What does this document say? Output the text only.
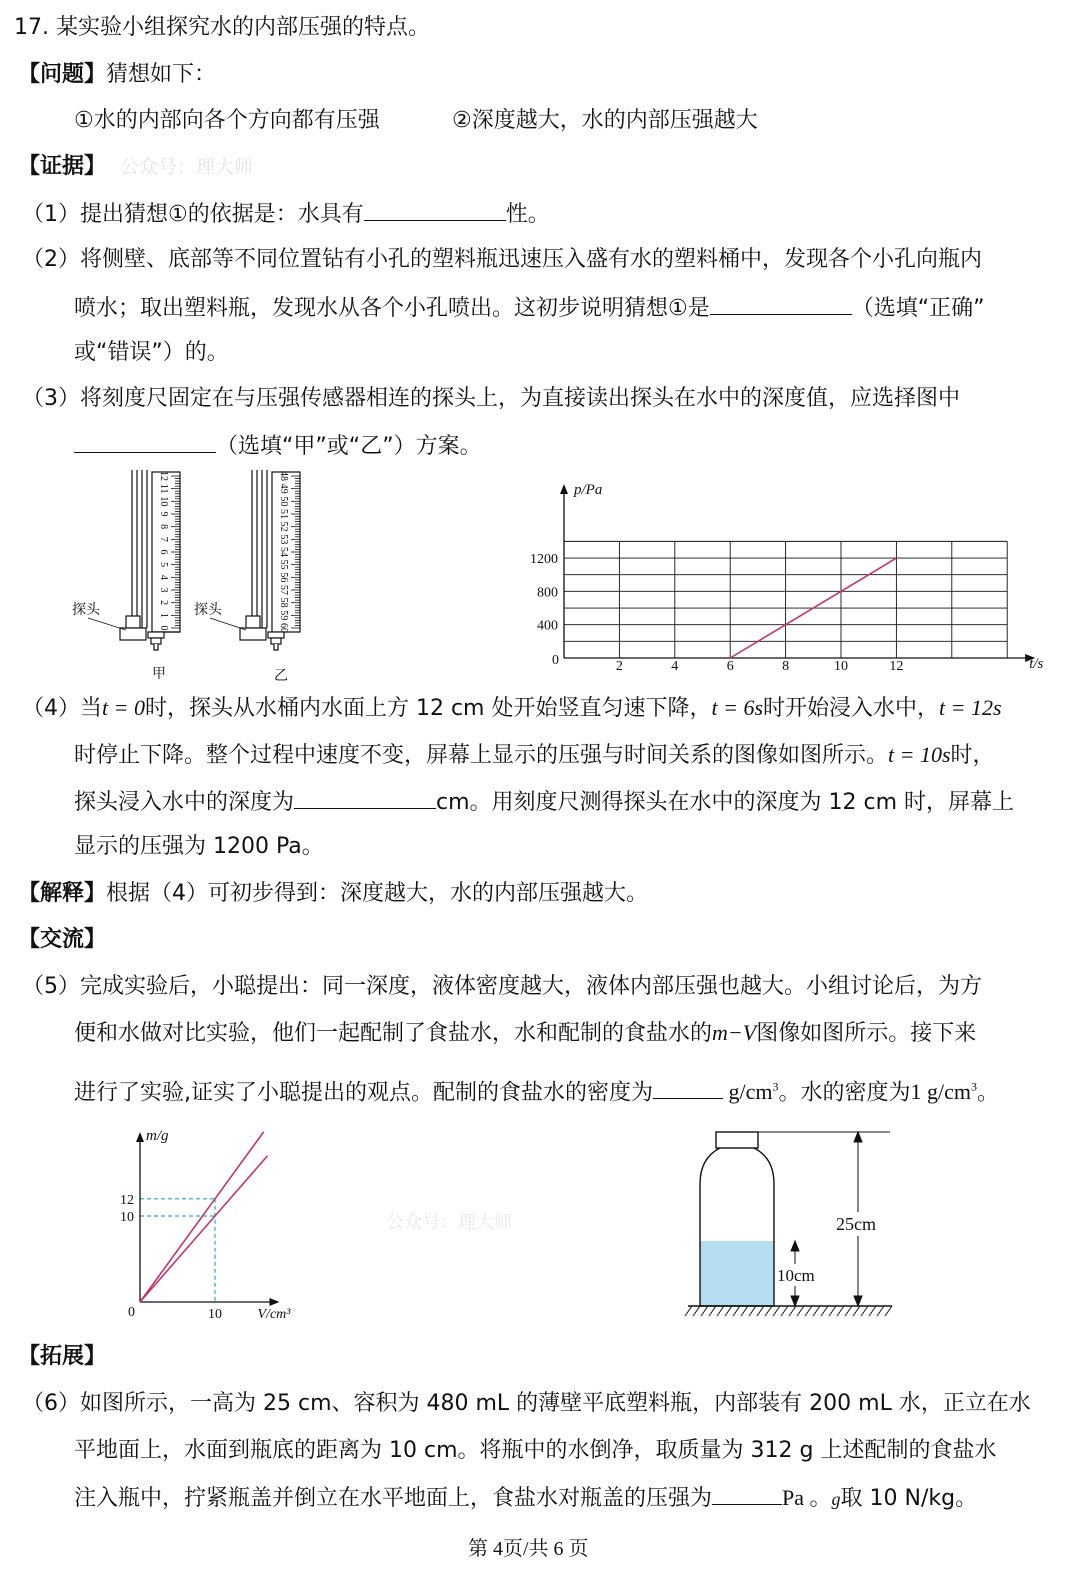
17. 某实验小组探究水的内部压强的特点。
【问题】猜想如下：
①水的内部向各个方向都有压强	②深度越大，水的内部压强越大
【证据】 公众号：理大师
（1）提出猜想①的依据是：水具有	性。
（2）将侧壁、底部等不同位置钻有小孔的塑料瓶迅速压入盛有水的塑料桶中，发现各个小孔向瓶内
喷水；取出塑料瓶，发现水从各个小孔喷出。这初步说明猜想①是	（选填“正确”
或“错误”）的。
（3）将刻度尺固定在与压强传感器相连的探头上，为直接读出探头在水中的深度值，应选择图中
（选填“甲”或“乙”）方案。
（4）当t = 0时，探头从水桶内水面上方 12 cm 处开始竖直匀速下降，t = 6s时开始浸入水中，t = 12s
时停止下降。整个过程中速度不变，屏幕上显示的压强与时间关系的图像如图所示。t = 10s时，
探头浸入水中的深度为	cm。用刻度尺测得探头在水中的深度为 12 cm 时，屏幕上
显示的压强为 1200 Pa。
【解释】根据（4）可初步得到：深度越大，水的内部压强越大。
【交流】
（5）完成实验后，小聪提出：同一深度，液体密度越大，液体内部压强也越大。小组讨论后，为方
便和水做对比实验，他们一起配制了食盐水，水和配制的食盐水的m−V图像如图所示。接下来
进行了实验,证实了小聪提出的观点。配制的食盐水的密度为	$g/cm^3$。水的密度为1 $g/cm^3$。
【拓展】
（6）如图所示，一高为 25 cm、容积为 480 mL 的薄壁平底塑料瓶，内部装有 200 mL 水，正立在水
平地面上，水面到瓶底的距离为 10 cm。将瓶中的水倒净，取质量为 312 g 上述配制的食盐水
注入瓶中，拧紧瓶盖并倒立在水平地面上，食盐水对瓶盖的压强为	Pa 。g取 10 N/kg。
第 4页/共 6 页
0
1
2
3
4
5
6
7
8
9
10
11
12
探头
甲
60
59
58
57
56
55
54
53
52
51
50
49
48
探头
乙
p/Pa
t/s
0	2	4	6	8	10	12
400
800
1200
m/g
V/cm³
0	10
10
12
公众号：理大师	25cm
10cm
